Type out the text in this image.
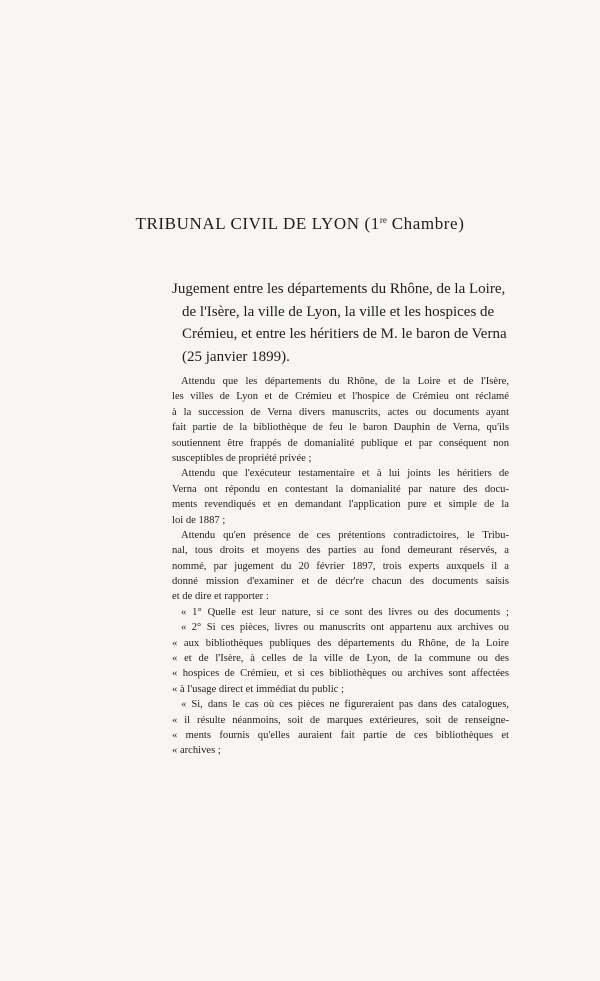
TRIBUNAL CIVIL DE LYON (1re Chambre)
Jugement entre les départements du Rhône, de la Loire,
de l'Isère, la ville de Lyon, la ville et les hospices de
Crémieu, et entre les héritiers de M. le baron de Verna
(25 janvier 1899).
Attendu que les départements du Rhône, de la Loire et de l'Isère,
les villes de Lyon et de Crémieu et l'hospice de Crémieu ont réclamé
à la succession de Verna divers manuscrits, actes ou documents ayant
fait partie de la bibliothèque de feu le baron Dauphin de Verna, qu'ils
soutiennent être frappés de domanialité publique et par conséquent non
susceptibles de propriété privée ;
Attendu que l'exécuteur testamentaire et à lui joints les héritiers de
Verna ont répondu en contestant la domanialité par nature des docu-
ments revendiqués et en demandant l'application pure et simple de la
loi de 1887 ;
Attendu qu'en présence de ces prétentions contradictoires, le Tribu-
nal, tous droits et moyens des parties au fond demeurant réservés, a
nommé, par jugement du 20 février 1897, trois experts auxquels il a
donné mission d'examiner et de décr're chacun des documents saisis
et de dire et rapporter :
« 1° Quelle est leur nature, si ce sont des livres ou des documents ;
« 2° Si ces pièces, livres ou manuscrits ont appartenu aux archives ou
« aux bibliothèques publiques des départements du Rhône, de la Loire
« et de l'Isère, à celles de la ville de Lyon, de la commune ou des
« hospices de Crémieu, et si ces bibliothèques ou archives sont affectées
« à l'usage direct et immédiat du public ;
« Si, dans le cas où ces pièces ne figureraient pas dans des catalogues,
« il résulte néanmoins, soit de marques extérieures, soit de renseigne-
« ments fournis qu'elles auraient fait partie de ces bibliothèques et
« archives ;
